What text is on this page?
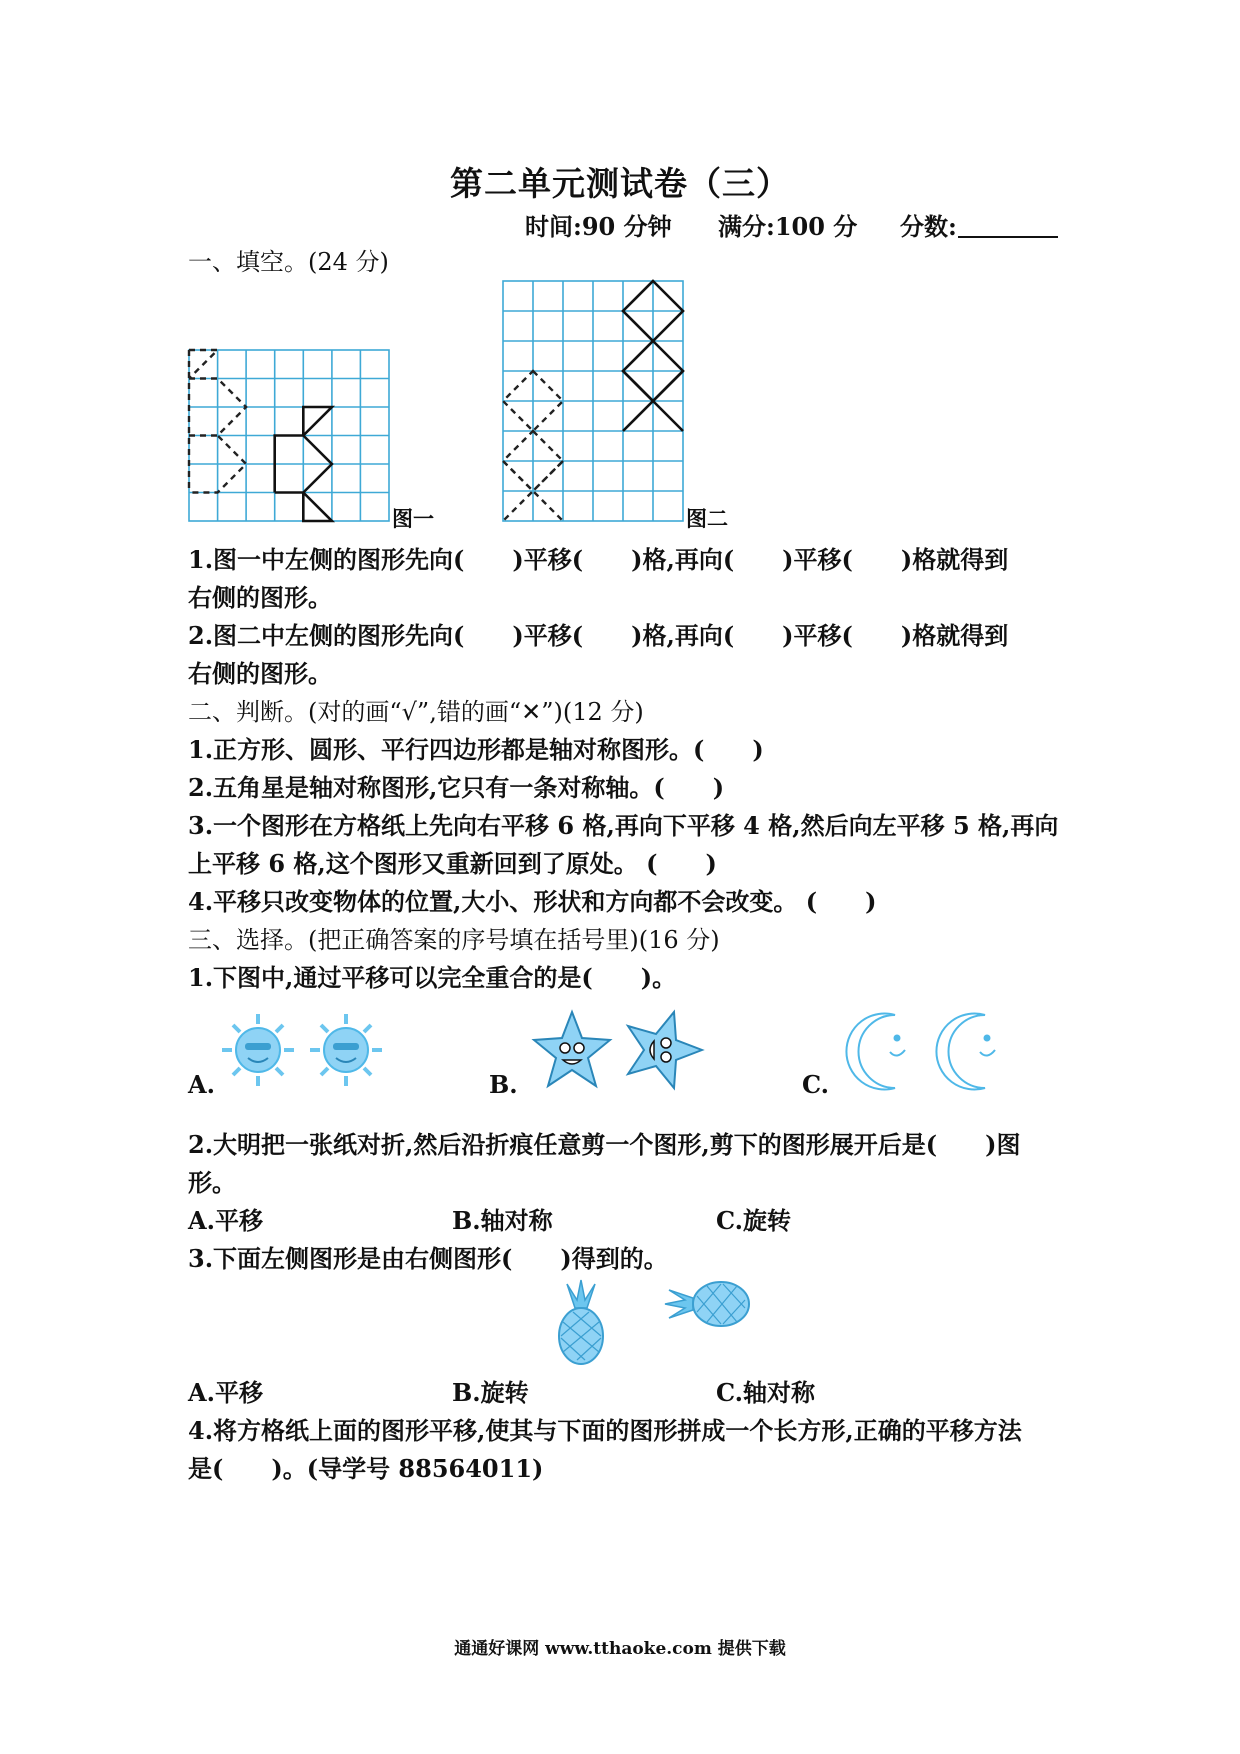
第二单元测试卷（三）
时间:90 分钟 满分:100 分 分数:
一、填空。(24 分)
图一	图二
1.图一中左侧的图形先向(　　)平移(　　)格,再向(　　)平移(　　)格就得到
右侧的图形。
2.图二中左侧的图形先向(　　)平移(　　)格,再向(　　)平移(　　)格就得到
右侧的图形。
二、判断。(对的画“√”,错的画“✕”)(12 分)
1.正方形、圆形、平行四边形都是轴对称图形。(　　)
2.五角星是轴对称图形,它只有一条对称轴。(　　)
3.一个图形在方格纸上先向右平移 6 格,再向下平移 4 格,然后向左平移 5 格,再向
上平移 6 格,这个图形又重新回到了原处。 (　　)
4.平移只改变物体的位置,大小、形状和方向都不会改变。 (　　)
三、选择。(把正确答案的序号填在括号里)(16 分)
1.下图中,通过平移可以完全重合的是(　　)。
A.	B.	C.
2.大明把一张纸对折,然后沿折痕任意剪一个图形,剪下的图形展开后是(　　)图
形。
A.平移	B.轴对称	C.旋转
3.下面左侧图形是由右侧图形(　　)得到的。
A.平移	B.旋转	C.轴对称
4.将方格纸上面的图形平移,使其与下面的图形拼成一个长方形,正确的平移方法
是(　　)。(导学号 88564011)
通通好课网 www.tthaoke.com 提供下载
